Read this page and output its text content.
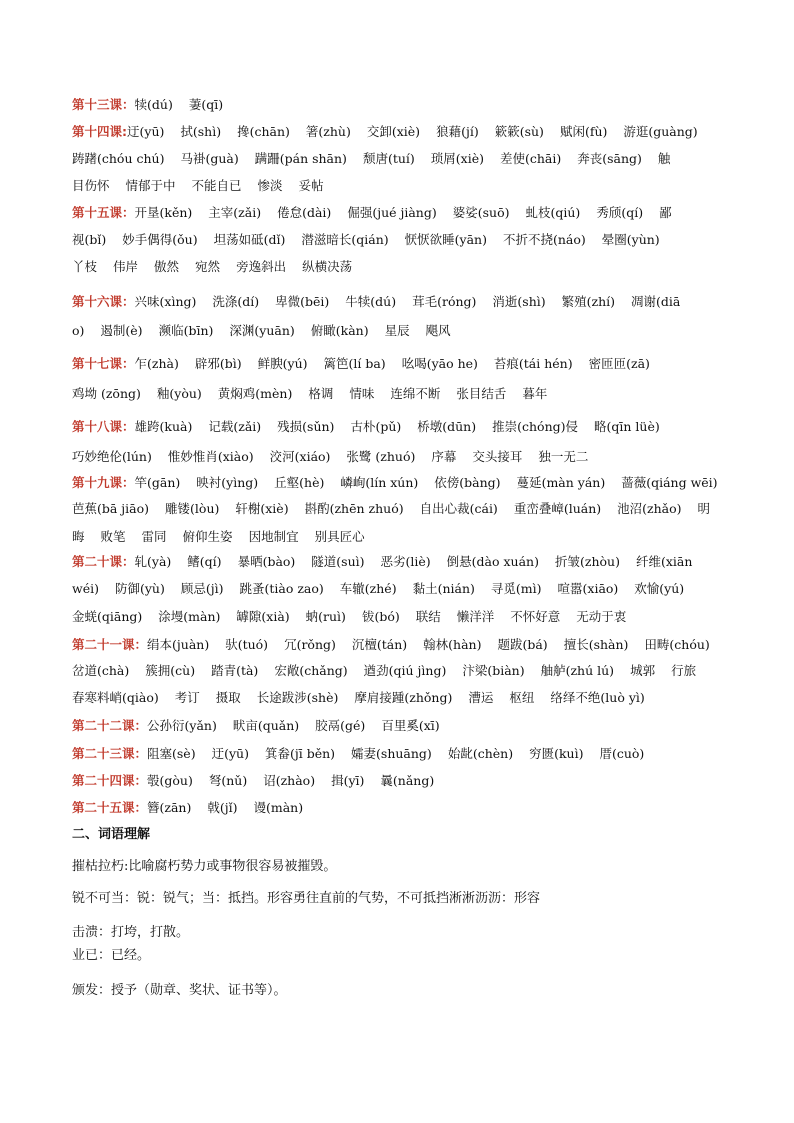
第十三课：犊(dú) 萋(qī)
第十四课:迂(yū) 拭(shì) 搀(chān) 箸(zhù) 交卸(xiè) 狼藉(jí) 簌簌(sù) 赋闲(fù) 游逛(guàng)
踌躇(chóu chú) 马褂(guà) 蹒跚(pán shān) 颓唐(tuí) 琐屑(xiè) 差使(chāi) 奔丧(sāng) 触
目伤怀 情郁于中 不能自已 惨淡 妥帖
第十五课：开垦(kěn) 主宰(zǎi) 倦怠(dài) 倔强(jué jiàng) 婆娑(suō) 虬枝(qiú) 秀颀(qí) 鄙
视(bǐ) 妙手偶得(ǒu) 坦荡如砥(dǐ) 潜滋暗长(qián) 恹恹欲睡(yān) 不折不挠(náo) 晕圈(yùn)
丫枝 伟岸 傲然 宛然 旁逸斜出 纵横决荡
第十六课：兴味(xìng) 洗涤(dí) 卑微(bēi) 牛犊(dú) 茸毛(róng) 消逝(shì) 繁殖(zhí) 凋谢(diā
o) 遏制(è) 濒临(bīn) 深渊(yuān) 俯瞰(kàn) 星辰 飓风
第十七课：乍(zhà) 辟邪(bì) 鲜腴(yú) 篱笆(lí ba) 吆喝(yāo he) 苔痕(tái hén) 密匝匝(zā)
鸡坳 (zōng) 釉(yòu) 黄焖鸡(mèn) 格调 情味 连绵不断 张目结舌 暮年
第十八课：雄跨(kuà) 记载(zǎi) 残损(sǔn) 古朴(pǔ) 桥墩(dūn) 推崇(chóng)侵 略(qīn lüè)
巧妙绝伦(lún) 惟妙惟肖(xiào) 洨河(xiáo) 张鹭 (zhuó) 序幕 交头接耳 独一无二
第十九课：竿(gān) 映衬(yìng) 丘壑(hè) 嶙峋(lín xún) 依傍(bàng) 蔓延(màn yán) 蔷薇(qiáng wēi)
芭蕉(bā jiāo) 雕镂(lòu) 轩榭(xiè) 斟酌(zhēn zhuó) 自出心裁(cái) 重峦叠嶂(luán) 池沼(zhǎo) 明
晦 败笔 雷同 俯仰生姿 因地制宜 别具匠心
第二十课：轧(yà) 鳍(qí) 暴晒(bào) 隧道(suì) 恶劣(liè) 倒悬(dào xuán) 折皱(zhòu) 纤维(xiān
wéi) 防御(yù) 顾忌(jì) 跳蚤(tiào zao) 车辙(zhé) 黏土(nián) 寻觅(mì) 喧嚣(xiāo) 欢愉(yú)
金蜣(qiāng) 涂墁(màn) 罅隙(xià) 蚋(ruì) 钹(bó) 联结 懒洋洋 不怀好意 无动于衷
第二十一课：绢本(juàn) 驮(tuó) 冗(rǒng) 沉檀(tán) 翰林(hàn) 题跋(bá) 擅长(shàn) 田畴(chóu)
岔道(chà) 簇拥(cù) 踏青(tà) 宏敞(chǎng) 遒劲(qiú jìng) 汴梁(biàn) 舳舻(zhú lú) 城郭 行旅
春寒料峭(qiào) 考订 摄取 长途跋涉(shè) 摩肩接踵(zhǒng) 漕运 枢纽 络绎不绝(luò yì)
第二十二课：公孙衍(yǎn) 畎亩(quǎn) 胶鬲(gé) 百里奚(xī)
第二十三课：阻塞(sè) 迂(yū) 箕畚(jī běn) 孀妻(shuāng) 始龀(chèn) 穷匮(kuì) 厝(cuò)
第二十四课：彀(gòu) 弩(nǔ) 诏(zhào) 揖(yī) 曩(nǎng)
第二十五课：簪(zān) 戟(jǐ) 谩(màn)
二、词语理解
摧枯拉朽:比喻腐朽势力或事物很容易被摧毁。
锐不可当：锐：锐气；当：抵挡。形容勇往直前的气势，不可抵挡淅淅沥沥：形容
击溃：打垮，打散。
业已：已经。
颁发：授予（勋章、奖状、证书等）。
